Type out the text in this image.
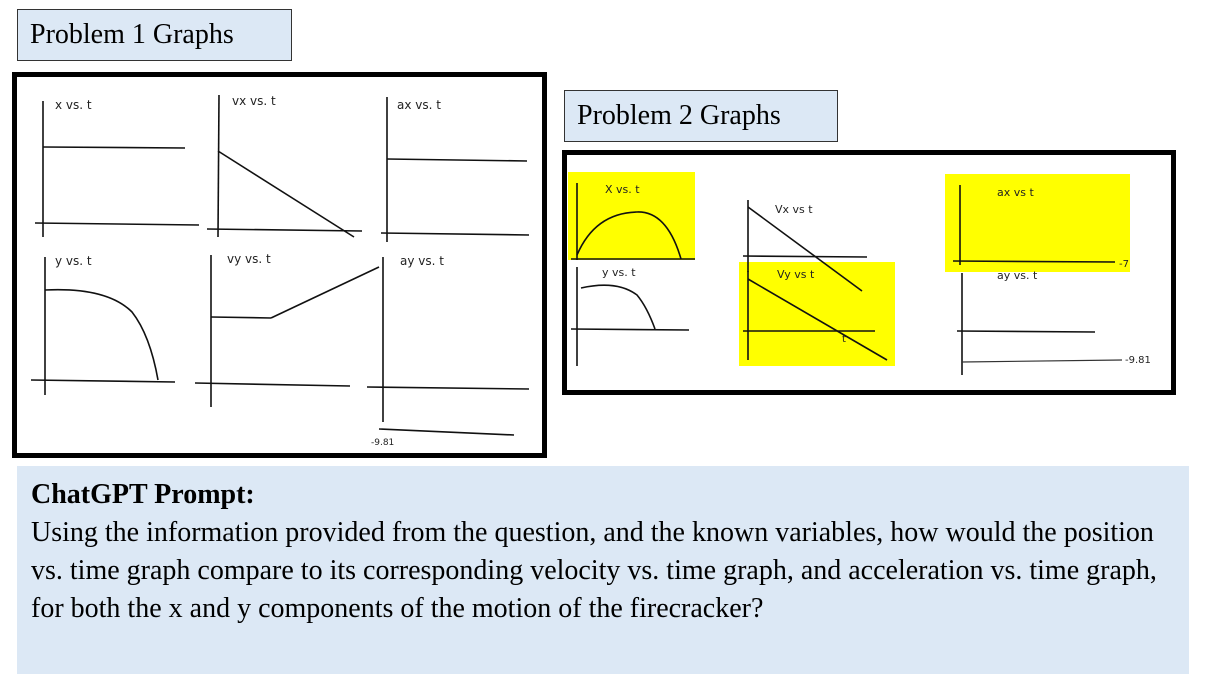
Problem 1 Graphs
x vs. t	vx vs. t	ax vs. t
y vs. t	vy vs. t	ay vs. t
-9.81
Problem 2 Graphs
X vs. t
y vs. t
Vx vs t
Vy vs t
t
ax vs t
-7
ay vs. t
-9.81
ChatGPT Prompt:
Using the information provided from the question, and the known variables, how would the position vs. time graph compare to its corresponding velocity vs. time graph, and acceleration vs. time graph, for both the x and y components of the motion of the firecracker?
